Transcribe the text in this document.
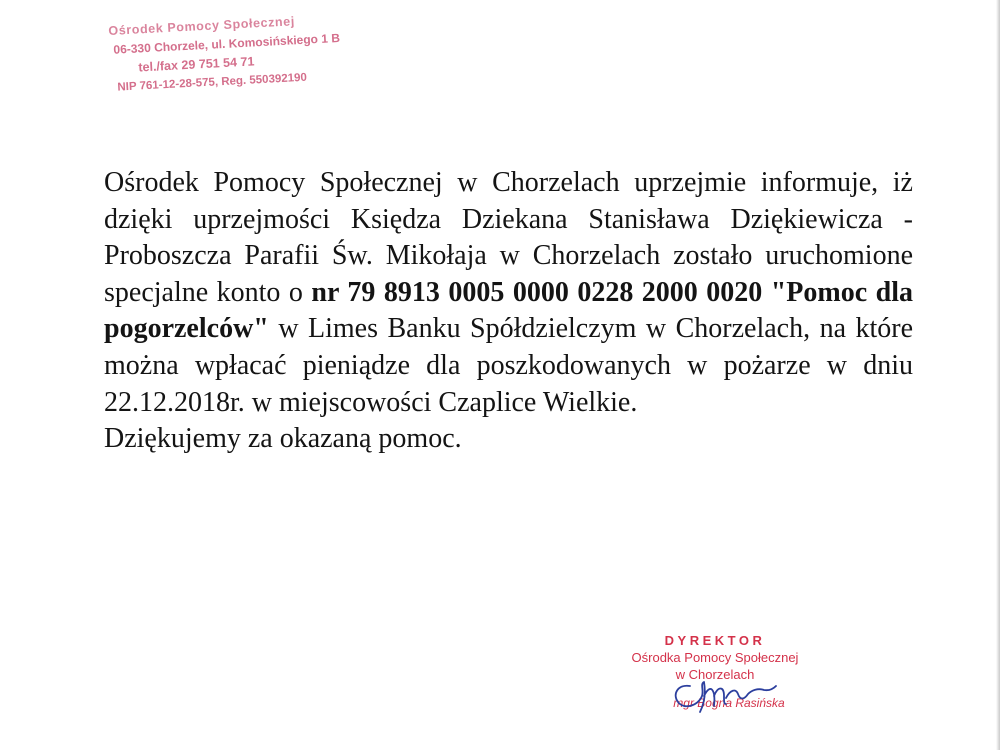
Ośrodek Pomocy Społecznej
06-330 Chorzele, ul. Komosińskiego 1 B
tel./fax 29 751 54 71
NIP 761-12-28-575, Reg. 550392190

Ośrodek Pomocy Społecznej w Chorzelach uprzejmie informuje, iż dzięki uprzejmości Księdza Dziekana Stanisława Dziękiewicza -Proboszcza Parafii Św. Mikołaja w Chorzelach zostało uruchomione specjalne konto o nr 79 8913 0005 0000 0228 2000 0020 "Pomoc dla pogorzelców" w Limes Banku Spółdzielczym w Chorzelach, na które można wpłacać pieniądze dla poszkodowanych w pożarze w dniu 22.12.2018r. w miejscowości Czaplice Wielkie.

Dziękujemy za okazaną pomoc.

DYREKTOR
Ośrodka Pomocy Społecznej
w Chorzelach
mgr Bogna Rasińska
